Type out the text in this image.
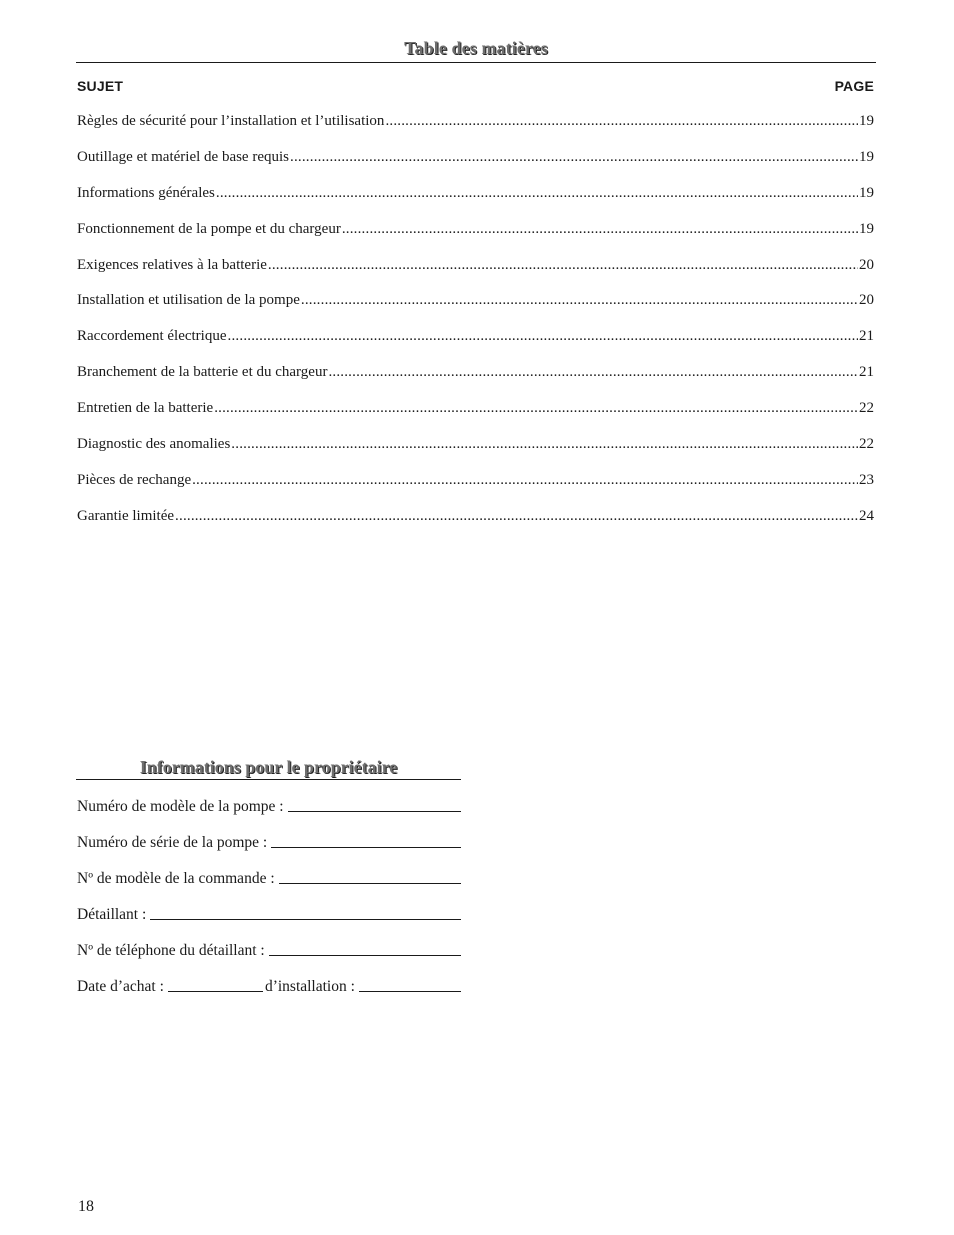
Table des matières
SUJET	PAGE
Règles de sécurité pour l’installation et l’utilisation .....	19
Outillage et matériel de base requis .....	19
Informations générales .....	19
Fonctionnement de la pompe et du chargeur .....	19
Exigences relatives à la batterie .....	20
Installation et utilisation de la pompe .....	20
Raccordement électrique .....	21
Branchement de la batterie et du chargeur .....	21
Entretien de la batterie .....	22
Diagnostic des anomalies .....	22
Pièces de rechange .....	23
Garantie limitée .....	24
Informations pour le propriétaire
Numéro de modèle de la pompe :
Numéro de série de la pompe :
Nº de modèle de la commande :
Détaillant :
Nº de téléphone du détaillant :
Date d’achat :	d’installation :
18
